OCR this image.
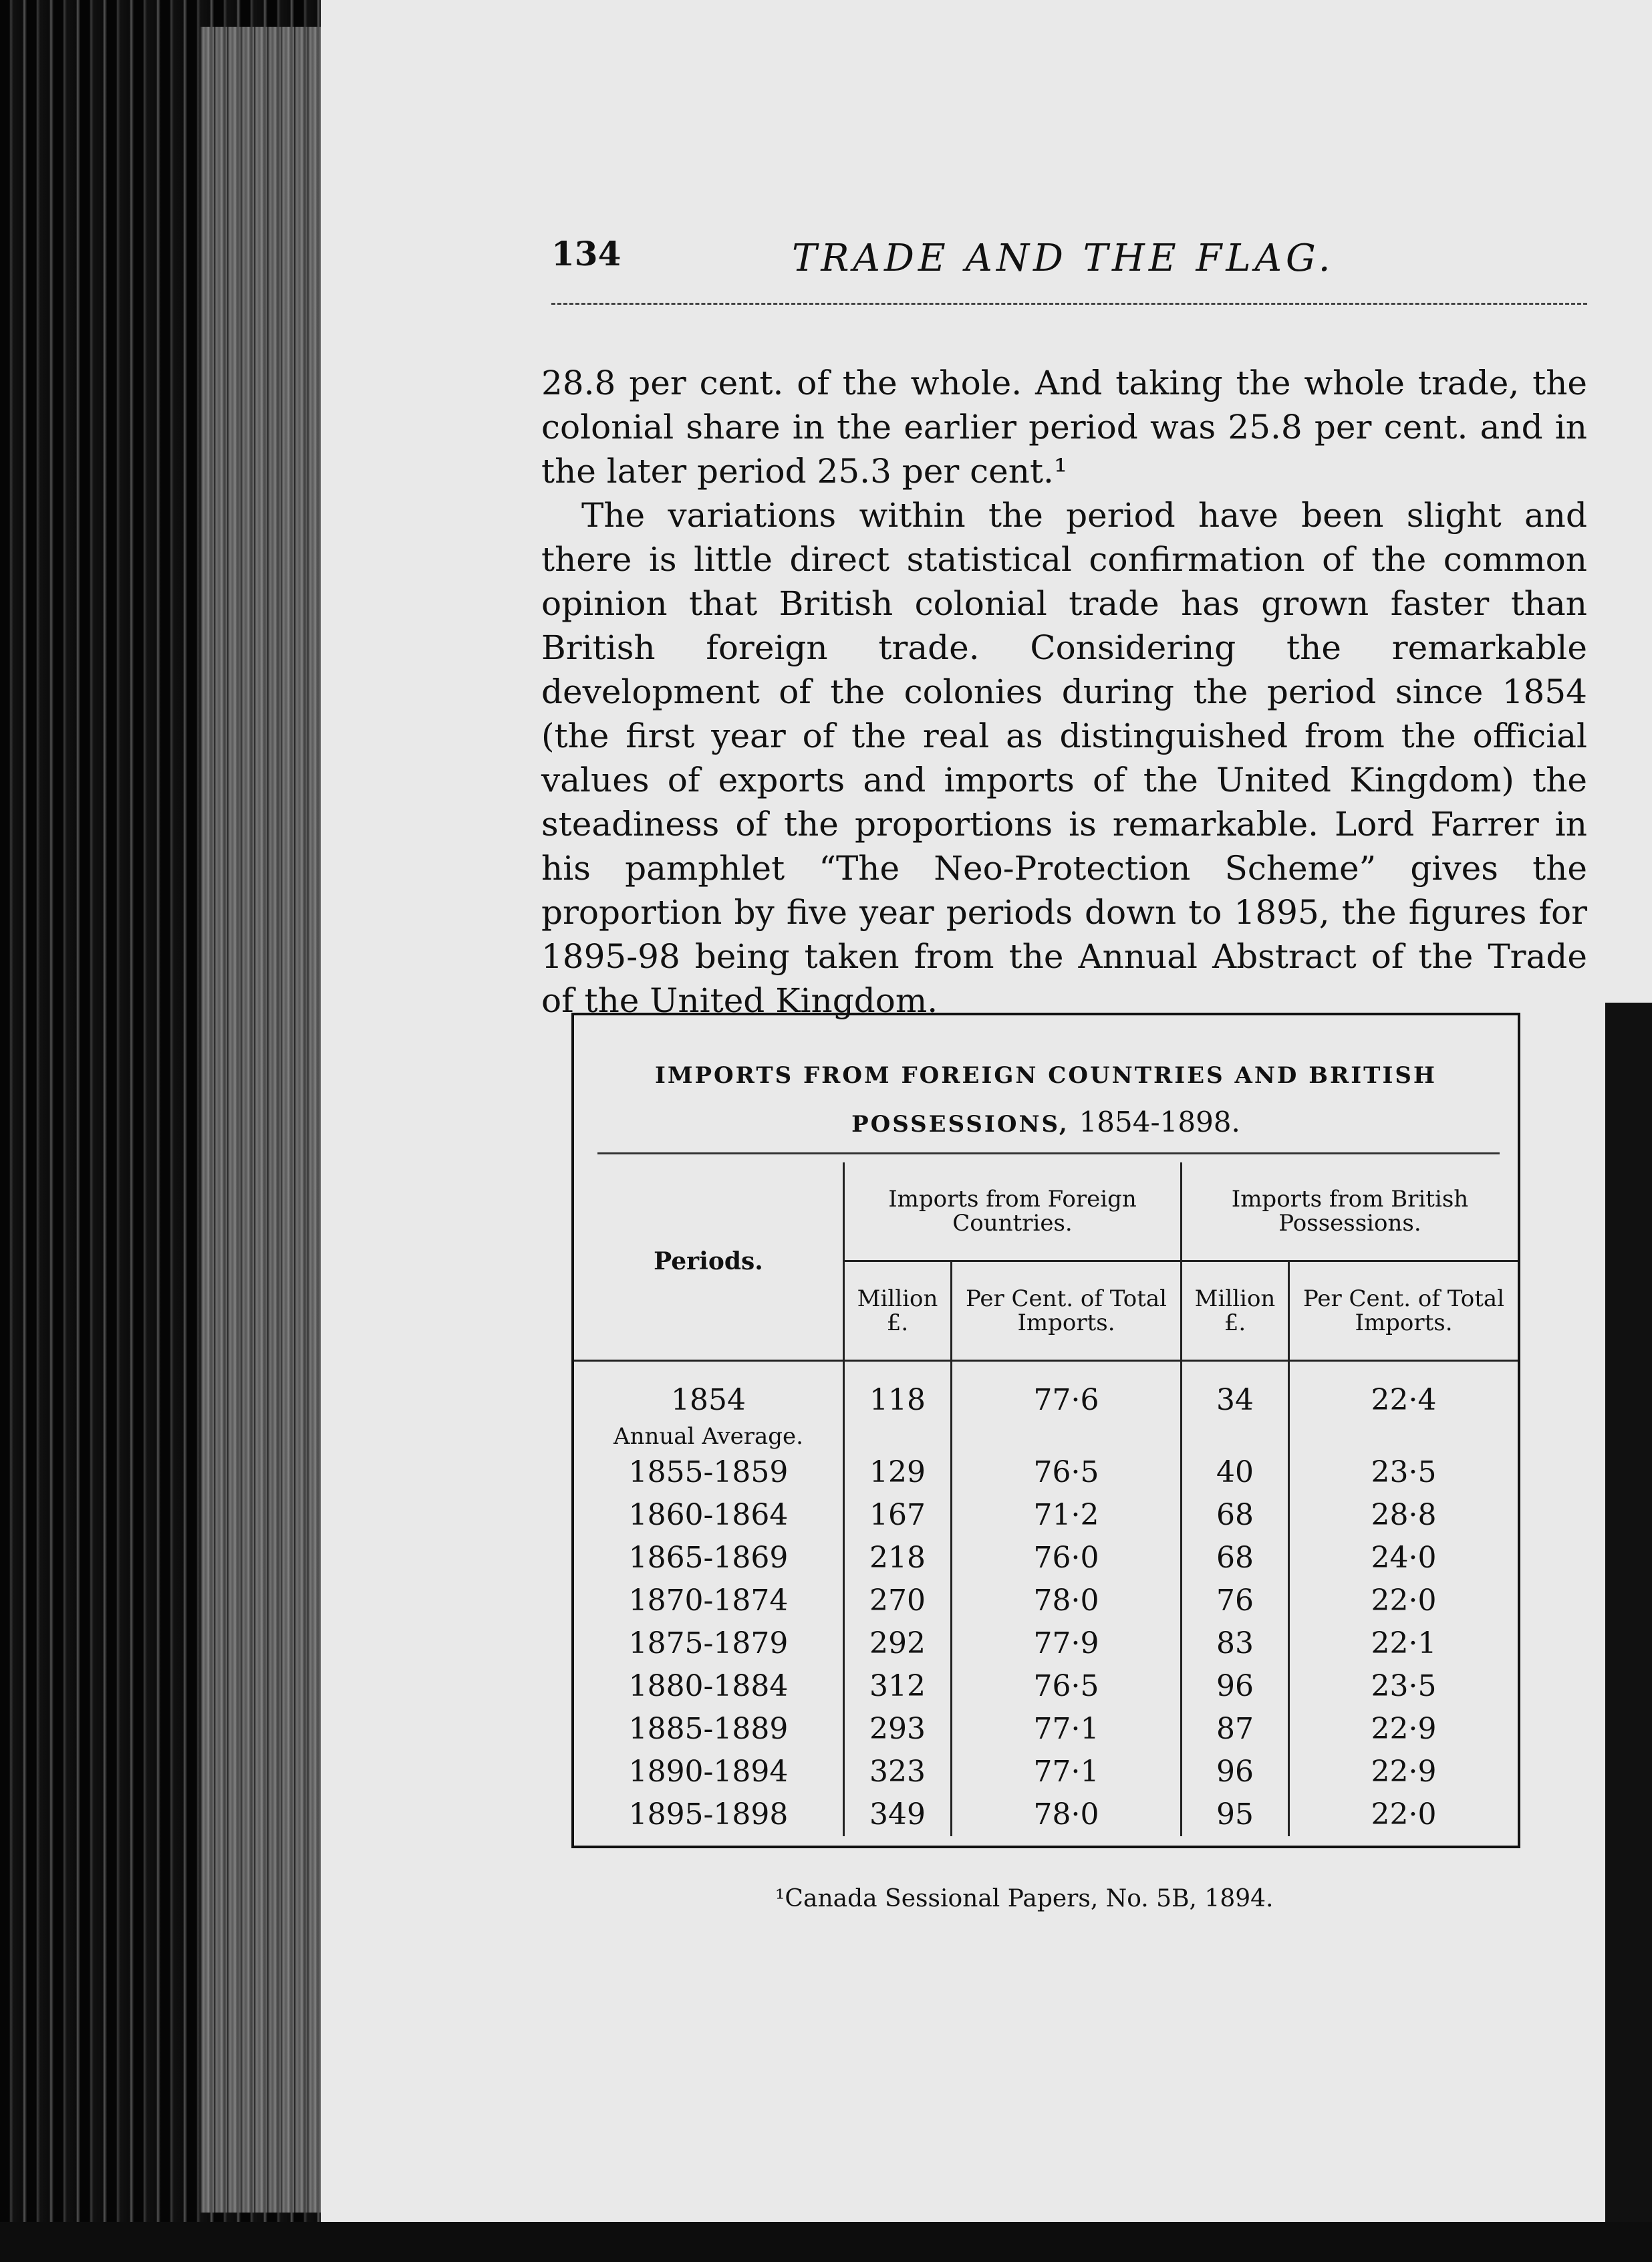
134	TRADE AND THE FLAG.

28.8 per cent. of the whole. And taking the whole trade, the colonial share in the earlier period was 25.8 per cent. and in the later period 25.3 per cent.¹

The variations within the period have been slight and there is little direct statistical confirmation of the common opinion that British colonial trade has grown faster than British foreign trade. Considering the remarkable development of the colonies during the period since 1854 (the first year of the real as distinguished from the official values of exports and imports of the United Kingdom) the steadiness of the proportions is remarkable. Lord Farrer in his pamphlet “The Neo-Protection Scheme” gives the proportion by five year periods down to 1895, the figures for 1895-98 being taken from the Annual Abstract of the Trade of the United Kingdom.

IMPORTS FROM FOREIGN COUNTRIES AND BRITISH
POSSESSIONS, 1854-1898.
Periods.	Imports from Foreign Countries.		Imports from British Possessions.	
	Million £.	Per Cent. of Total Imports.	Million £.	Per Cent. of Total Imports.
1854
Annual Average.	118	77·6	34	22·4
1855-1859	129	76·5	40	23·5
1860-1864	167	71·2	68	28·8
1865-1869	218	76·0	68	24·0
1870-1874	270	78·0	76	22·0
1875-1879	292	77·9	83	22·1
1880-1884	312	76·5	96	23·5
1885-1889	293	77·1	87	22·9
1890-1894	323	77·1	96	22·9
1895-1898	349	78·0	95	22·0
¹Canada Sessional Papers, No. 5B, 1894.
